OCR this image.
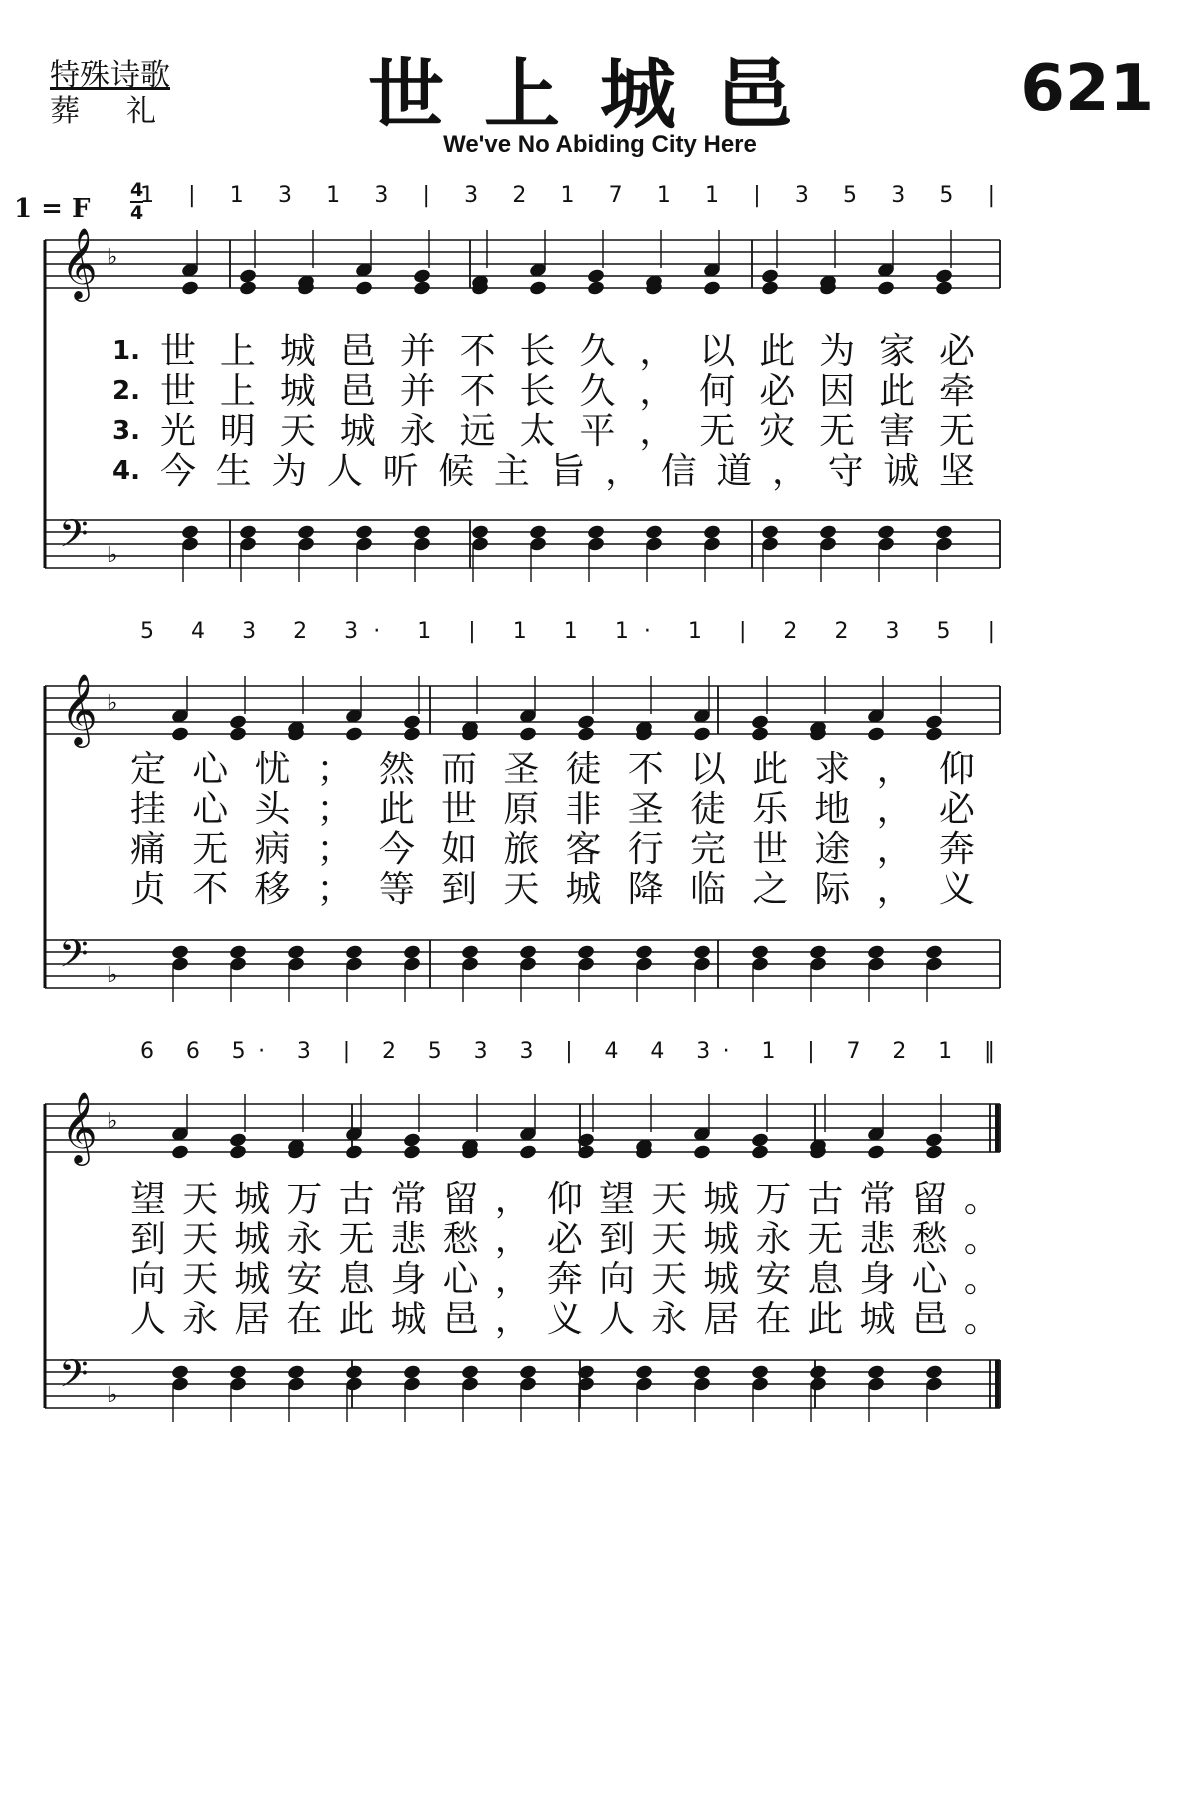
特殊诗歌
葬礼	世上城邑
We've No Abiding City Here
621
1 = F
4
4
𝄞
𝄢
♭
♭
1 | 1 3 1 3 | 3 2 1 7 1 1 | 3 5 3 5 |
𝄞
𝄢
♭
♭
5 4 3 2 3· 1 | 1 1 1· 1 | 2 2 3 5 |
𝄞
𝄢
♭
♭
6 6 5· 3 | 2 5 3 3 | 4 4 3· 1 | 7 2 1 ‖
1. 世 上 城 邑 并 不 长 久 ， 以 此 为 家 必
2. 世 上 城 邑 并 不 长 久 ， 何 必 因 此 牵
3. 光 明 天 城 永 远 太 平 ， 无 灾 无 害 无
4. 今 生 为 人 听 候 主 旨 ， 信 道 ， 守 诚 坚
定 心 忧 ； 然 而 圣 徒 不 以 此 求 ， 仰
挂 心 头 ； 此 世 原 非 圣 徒 乐 地 ， 必
痛 无 病 ； 今 如 旅 客 行 完 世 途 ， 奔
贞 不 移 ； 等 到 天 城 降 临 之 际 ， 义
望 天 城 万 古 常 留 ， 仰 望 天 城 万 古 常 留 。
到 天 城 永 无 悲 愁 ， 必 到 天 城 永 无 悲 愁 。
向 天 城 安 息 身 心 ， 奔 向 天 城 安 息 身 心 。
人 永 居 在 此 城 邑 ， 义 人 永 居 在 此 城 邑 。
